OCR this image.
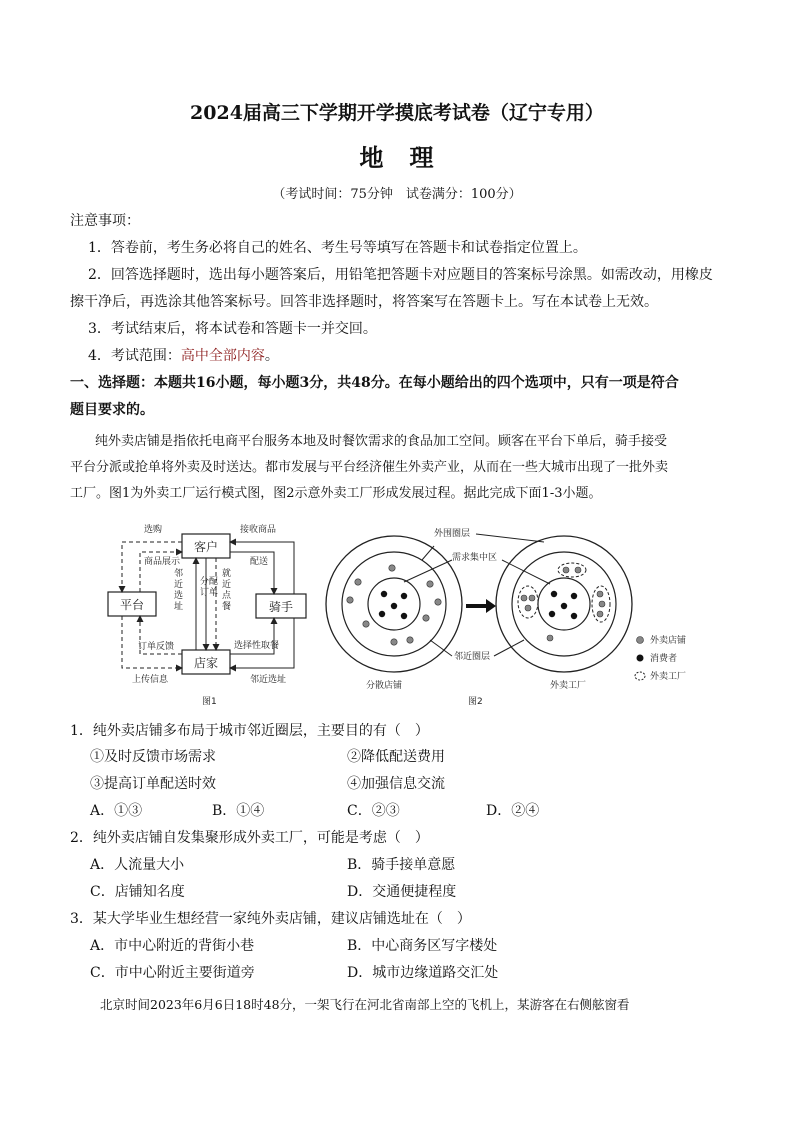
2024届高三下学期开学摸底考试卷（辽宁专用）
地　理
（考试时间：75分钟　试卷满分：100分）
注意事项：
1．答卷前，考生务必将自己的姓名、考生号等填写在答题卡和试卷指定位置上。
2．回答选择题时，选出每小题答案后，用铅笔把答题卡对应题目的答案标号涂黑。如需改动，用橡皮
擦干净后，再选涂其他答案标号。回答非选择题时，将答案写在答题卡上。写在本试卷上无效。
3．考试结束后，将本试卷和答题卡一并交回。
4．考试范围：高中全部内容。
一、选择题：本题共16小题，每小题3分，共48分。在每小题给出的四个选项中，只有一项是符合
题目要求的。
纯外卖店铺是指依托电商平台服务本地及时餐饮需求的食品加工空间。顾客在平台下单后，骑手接受
平台分派或抢单将外卖及时送达。都市发展与平台经济催生外卖产业，从而在一些大城市出现了一批外卖
工厂。图1为外卖工厂运行模式图，图2示意外卖工厂形成发展过程。据此完成下面1-3小题。
客户
平台	骑手
店家
选购
商品展示
接收商品
配送
订单反馈
上传信息
选择性取餐
邻近选址
邻近选址
分配订单
就近点餐
图1
外围圈层
需求集中区
邻近圈层
分散店铺	外卖工厂
外卖店铺
消费者
外卖工厂
图2
1．纯外卖店铺多布局于城市邻近圈层，主要目的有（　）
①及时反馈市场需求	②降低配送费用
③提高订单配送时效	④加强信息交流
A．①③	B．①④	C．②③	D．②④
2．纯外卖店铺自发集聚形成外卖工厂，可能是考虑（　）
A．人流量大小	B．骑手接单意愿
C．店铺知名度	D．交通便捷程度
3．某大学毕业生想经营一家纯外卖店铺，建议店铺选址在（　）
A．市中心附近的背街小巷	B．中心商务区写字楼处
C．市中心附近主要街道旁	D．城市边缘道路交汇处
北京时间2023年6月6日18时48分，一架飞行在河北省南部上空的飞机上，某游客在右侧舷窗看
